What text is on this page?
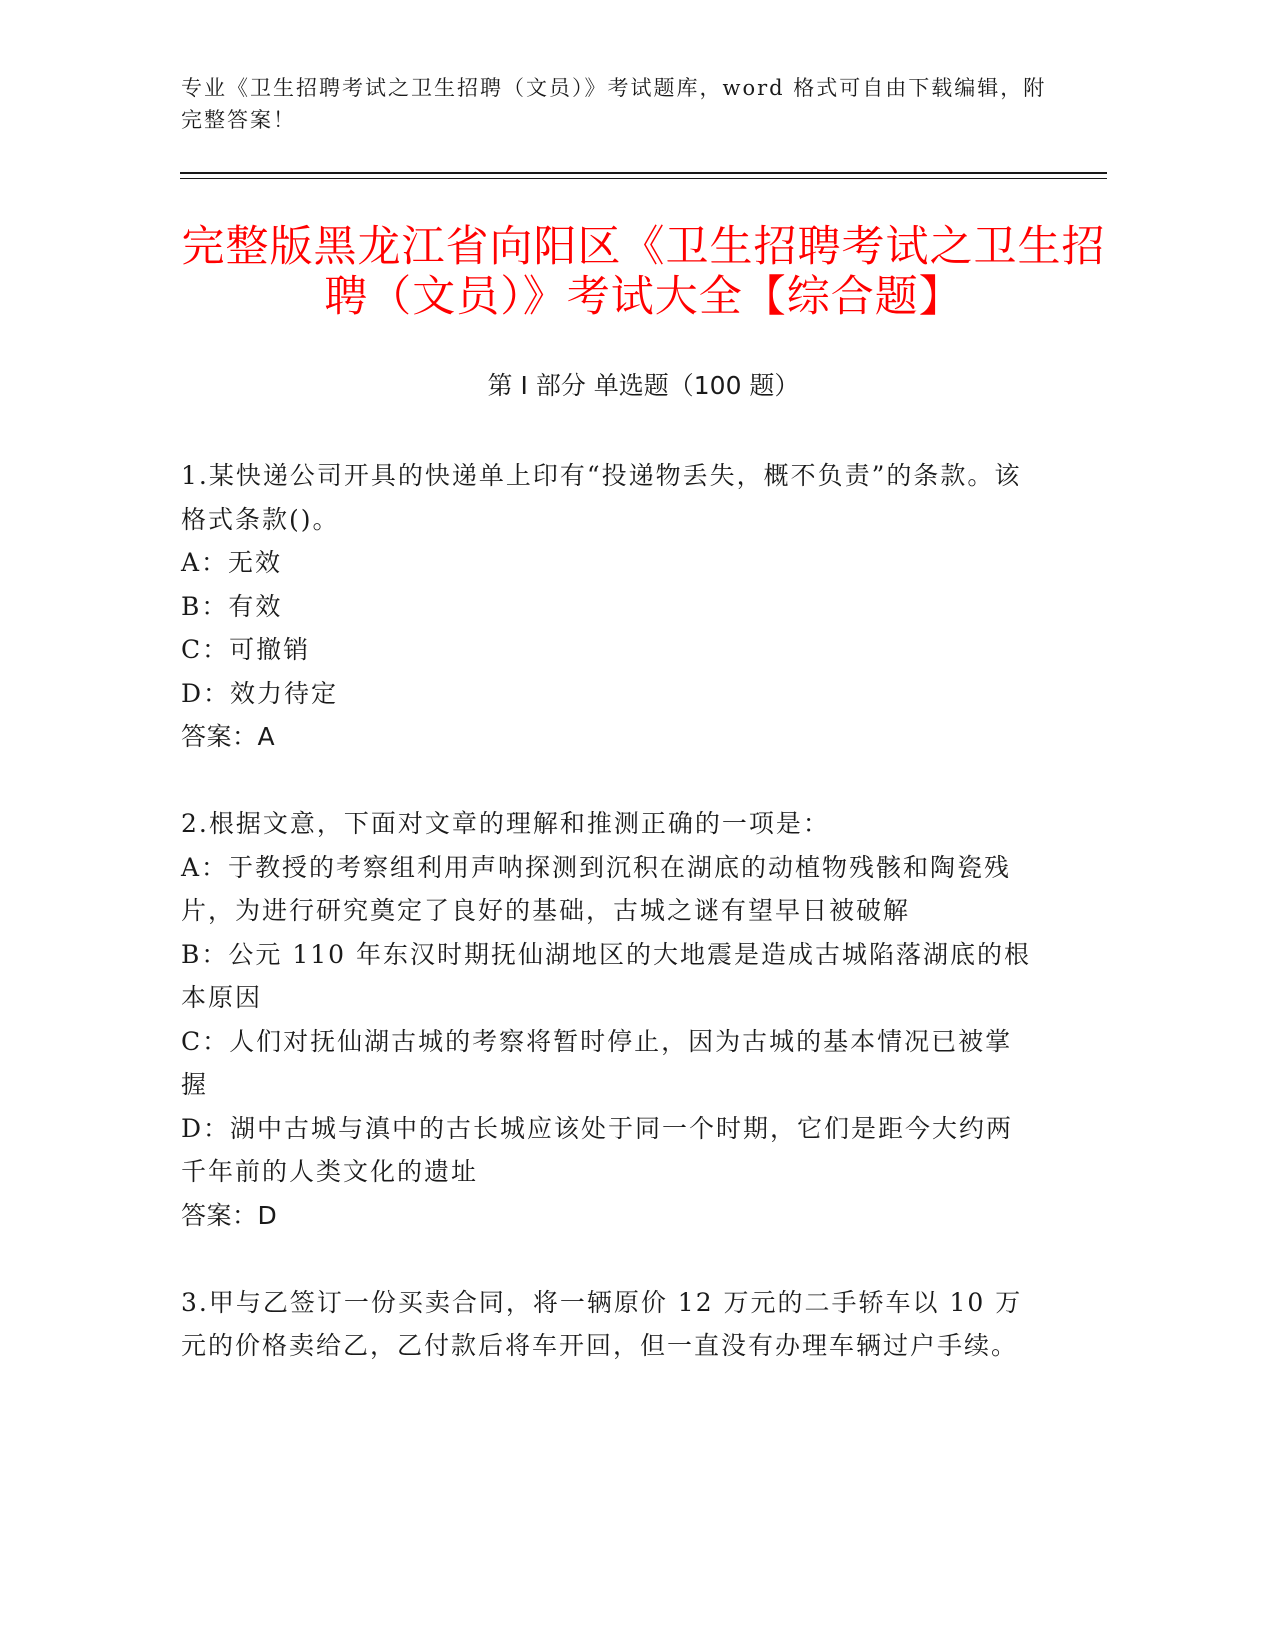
专业《卫生招聘考试之卫生招聘（文员）》考试题库，word 格式可自由下载编辑，附完整答案！
完整版黑龙江省向阳区《卫生招聘考试之卫生招聘（文员）》考试大全【综合题】
第 I 部分 单选题（100 题）

1.某快递公司开具的快递单上印有“投递物丢失，概不负责”的条款。该格式条款()。

A：无效

B：有效

C：可撤销

D：效力待定

答案：A

2.根据文意，下面对文章的理解和推测正确的一项是：

A：于教授的考察组利用声呐探测到沉积在湖底的动植物残骸和陶瓷残片，为进行研究奠定了良好的基础，古城之谜有望早日被破解

B：公元 110 年东汉时期抚仙湖地区的大地震是造成古城陷落湖底的根本原因

C：人们对抚仙湖古城的考察将暂时停止，因为古城的基本情况已被掌握

D：湖中古城与滇中的古长城应该处于同一个时期，它们是距今大约两千年前的人类文化的遗址

答案：D

3.甲与乙签订一份买卖合同，将一辆原价 12 万元的二手轿车以 10 万元的价格卖给乙，乙付款后将车开回，但一直没有办理车辆过户手续。
